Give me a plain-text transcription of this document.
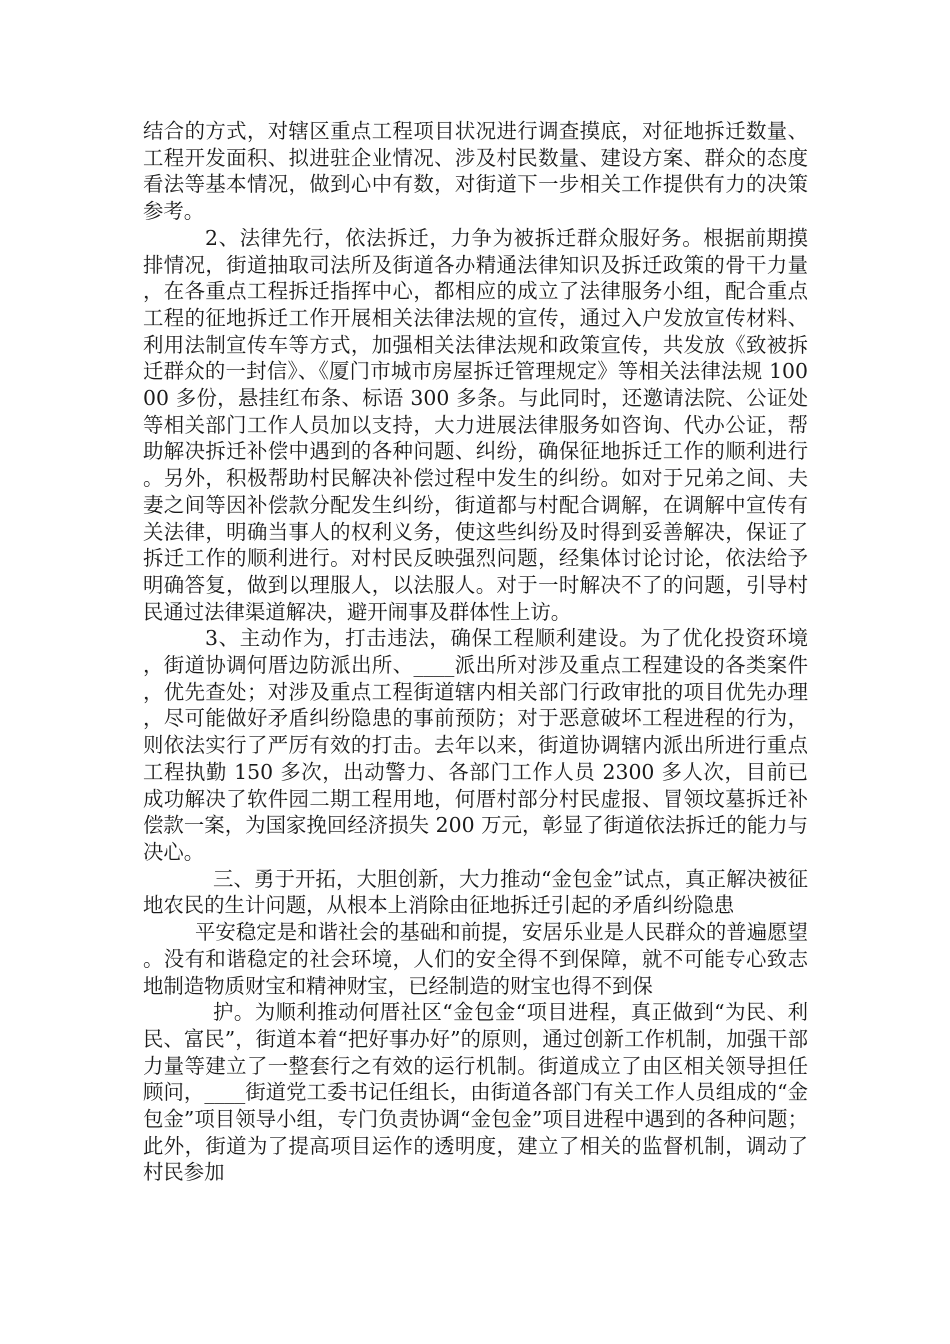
结合的方式，对辖区重点工程项目状况进行调查摸底，对征地拆迁数量、工程开发面积、拟进驻企业情况、涉及村民数量、建设方案、群众的态度看法等基本情况，做到心中有数，对街道下一步相关工作提供有力的决策参考。

2、法律先行，依法拆迁，力争为被拆迁群众服好务。根据前期摸排情况，街道抽取司法所及街道各办精通法律知识及拆迁政策的骨干力量，在各重点工程拆迁指挥中心，都相应的成立了法律服务小组，配合重点工程的征地拆迁工作开展相关法律法规的宣传，通过入户发放宣传材料、利用法制宣传车等方式，加强相关法律法规和政策宣传，共发放《致被拆迁群众的一封信》、《厦门市城市房屋拆迁管理规定》等相关法律法规 10000 多份，悬挂红布条、标语 300 多条。与此同时，还邀请法院、公证处等相关部门工作人员加以支持，大力进展法律服务如咨询、代办公证，帮助解决拆迁补偿中遇到的各种问题、纠纷，确保征地拆迁工作的顺利进行。另外，积极帮助村民解决补偿过程中发生的纠纷。如对于兄弟之间、夫妻之间等因补偿款分配发生纠纷，街道都与村配合调解，在调解中宣传有关法律，明确当事人的权利义务，使这些纠纷及时得到妥善解决，保证了拆迁工作的顺利进行。对村民反映强烈问题，经集体讨论讨论，依法给予明确答复，做到以理服人，以法服人。对于一时解决不了的问题，引导村民通过法律渠道解决，避开闹事及群体性上访。

3、主动作为，打击违法，确保工程顺利建设。为了优化投资环境，街道协调何厝边防派出所、____派出所对涉及重点工程建设的各类案件，优先查处；对涉及重点工程街道辖内相关部门行政审批的项目优先办理，尽可能做好矛盾纠纷隐患的事前预防；对于恶意破坏工程进程的行为，则依法实行了严厉有效的打击。去年以来，街道协调辖内派出所进行重点工程执勤 150 多次，出动警力、各部门工作人员 2300 多人次，目前已成功解决了软件园二期工程用地，何厝村部分村民虚报、冒领坟墓拆迁补偿款一案，为国家挽回经济损失 200 万元，彰显了街道依法拆迁的能力与决心。

三、勇于开拓，大胆创新，大力推动“金包金”试点，真正解决被征地农民的生计问题，从根本上消除由征地拆迁引起的矛盾纠纷隐患

平安稳定是和谐社会的基础和前提，安居乐业是人民群众的普遍愿望。没有和谐稳定的社会环境，人们的安全得不到保障，就不可能专心致志地制造物质财宝和精神财宝，已经制造的财宝也得不到保

护。为顺利推动何厝社区“金包金“项目进程，真正做到“为民、利民、富民”，街道本着“把好事办好”的原则，通过创新工作机制，加强干部力量等建立了一整套行之有效的运行机制。街道成立了由区相关领导担任顾问，____街道党工委书记任组长，由街道各部门有关工作人员组成的“金包金”项目领导小组，专门负责协调“金包金”项目进程中遇到的各种问题；此外，街道为了提高项目运作的透明度，建立了相关的监督机制，调动了村民参加
